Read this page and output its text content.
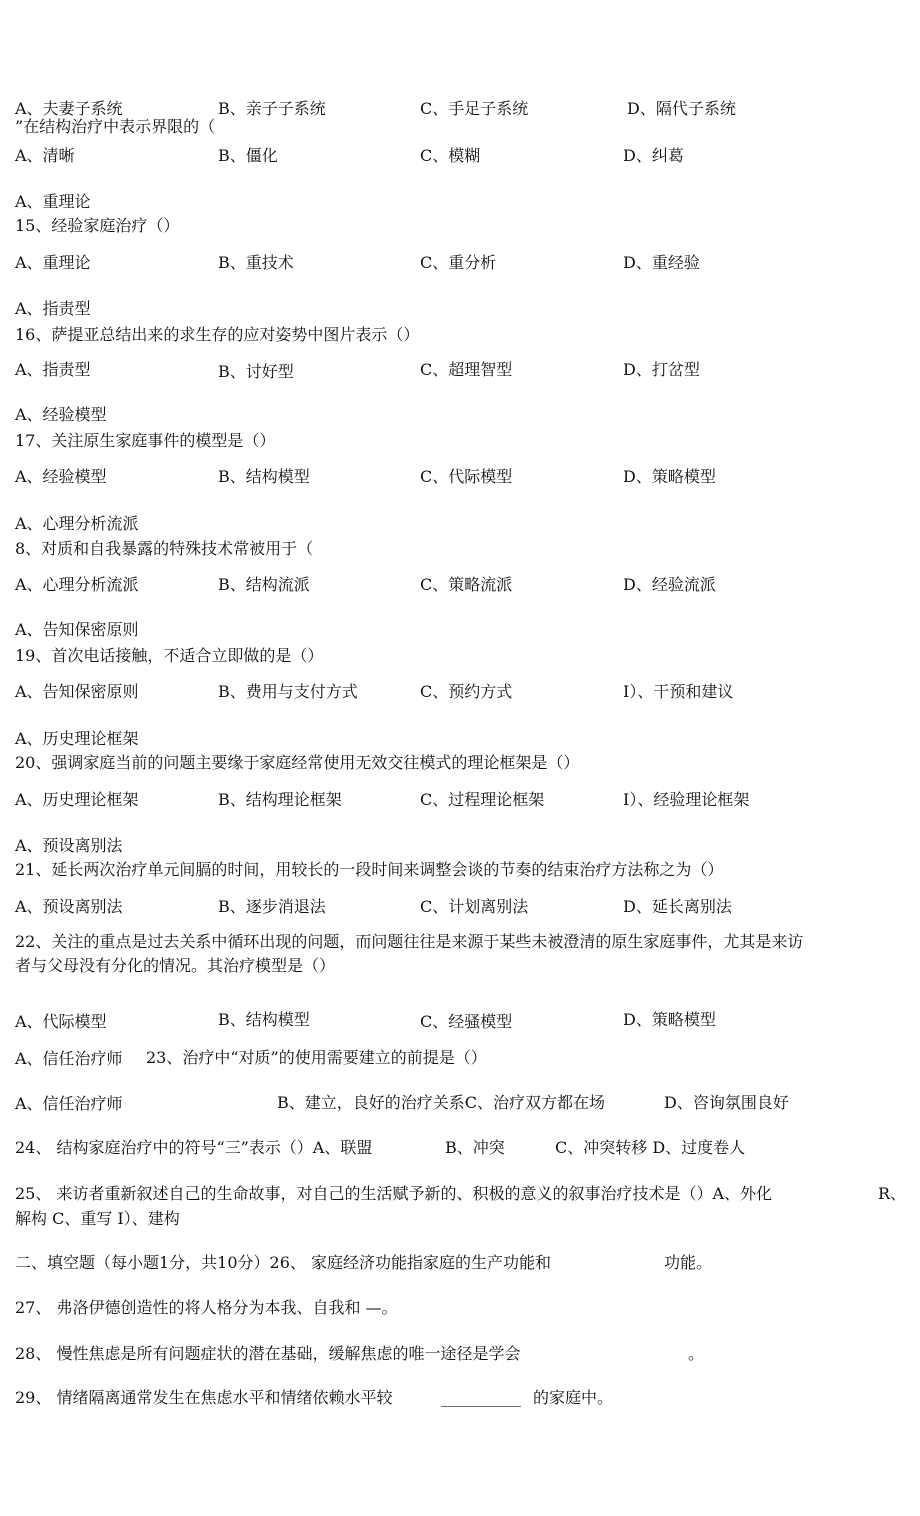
A、夫妻子系统	B、亲子子系统	C、手足子系统	D、隔代子系统
”在结构治疗中表示界限的（
A、清晰	B、僵化	C、模糊	D、纠葛
A、重理论
15、经验家庭治疗（）
A、重理论	B、重技术	C、重分析	D、重经验
A、指责型
16、萨提亚总结出来的求生存的应对姿势中图片表示（）
A、指责型	B、讨好型	C、超理智型	D、打岔型
A、经验模型
17、关注原生家庭事件的模型是（）
A、经验模型	B、结构模型	C、代际模型	D、策略模型
A、心理分析流派
8、对质和自我暴露的特殊技术常被用于（
A、心理分析流派	B、结构流派	C、策略流派	D、经验流派
A、告知保密原则
19、首次电话接触，不适合立即做的是（）
A、告知保密原则	B、费用与支付方式	C、预约方式	I）、干预和建议
A、历史理论框架
20、强调家庭当前的问题主要缘于家庭经常使用无效交往模式的理论框架是（）
A、历史理论框架	B、结构理论框架	C、过程理论框架	I）、经验理论框架
A、预设离别法
21、延长两次治疗单元间膈的时间，用较长的一段时间来调整会谈的节奏的结束治疗方法称之为（）
A、预设离别法	B、逐步消退法	C、计划离别法	D、延长离别法
22、关注的重点是过去关系中循环出现的问题，而问题往往是来源于某些未被澄清的原生家庭事件，尤其是来访
者与父母没有分化的情况。其治疗模型是（）
A、代际模型	B、结构模型	C、经骚模型	D、策略模型
A、信任治疗师 23、治疗中“对质”的使用需要建立的前提是（）
A、信任治疗师	B、建立，良好的治疗关系C、治疗双方都在场	D、咨询氛围良好
24、 结构家庭治疗中的符号“三”表示（）A、联盟	B、冲突	C、冲突转移 D、过度卷人
25、 来访者重新叙述自己的生命故事，对自己的生活赋予新的、积极的意义的叙事治疗技术是（）A、外化	R、
解构 C、重写 I）、建构
二、填空题（每小题1分，共10分）26、 家庭经济功能指家庭的生产功能和	功能。
27、 弗洛伊德创造性的将人格分为本我、自我和 —。
28、 慢性焦虑是所有问题症状的潜在基础，缓解焦虑的唯一途径是学会	。
29、 情绪隔离通常发生在焦虑水平和情绪依赖水平较	__________ 的家庭中。
